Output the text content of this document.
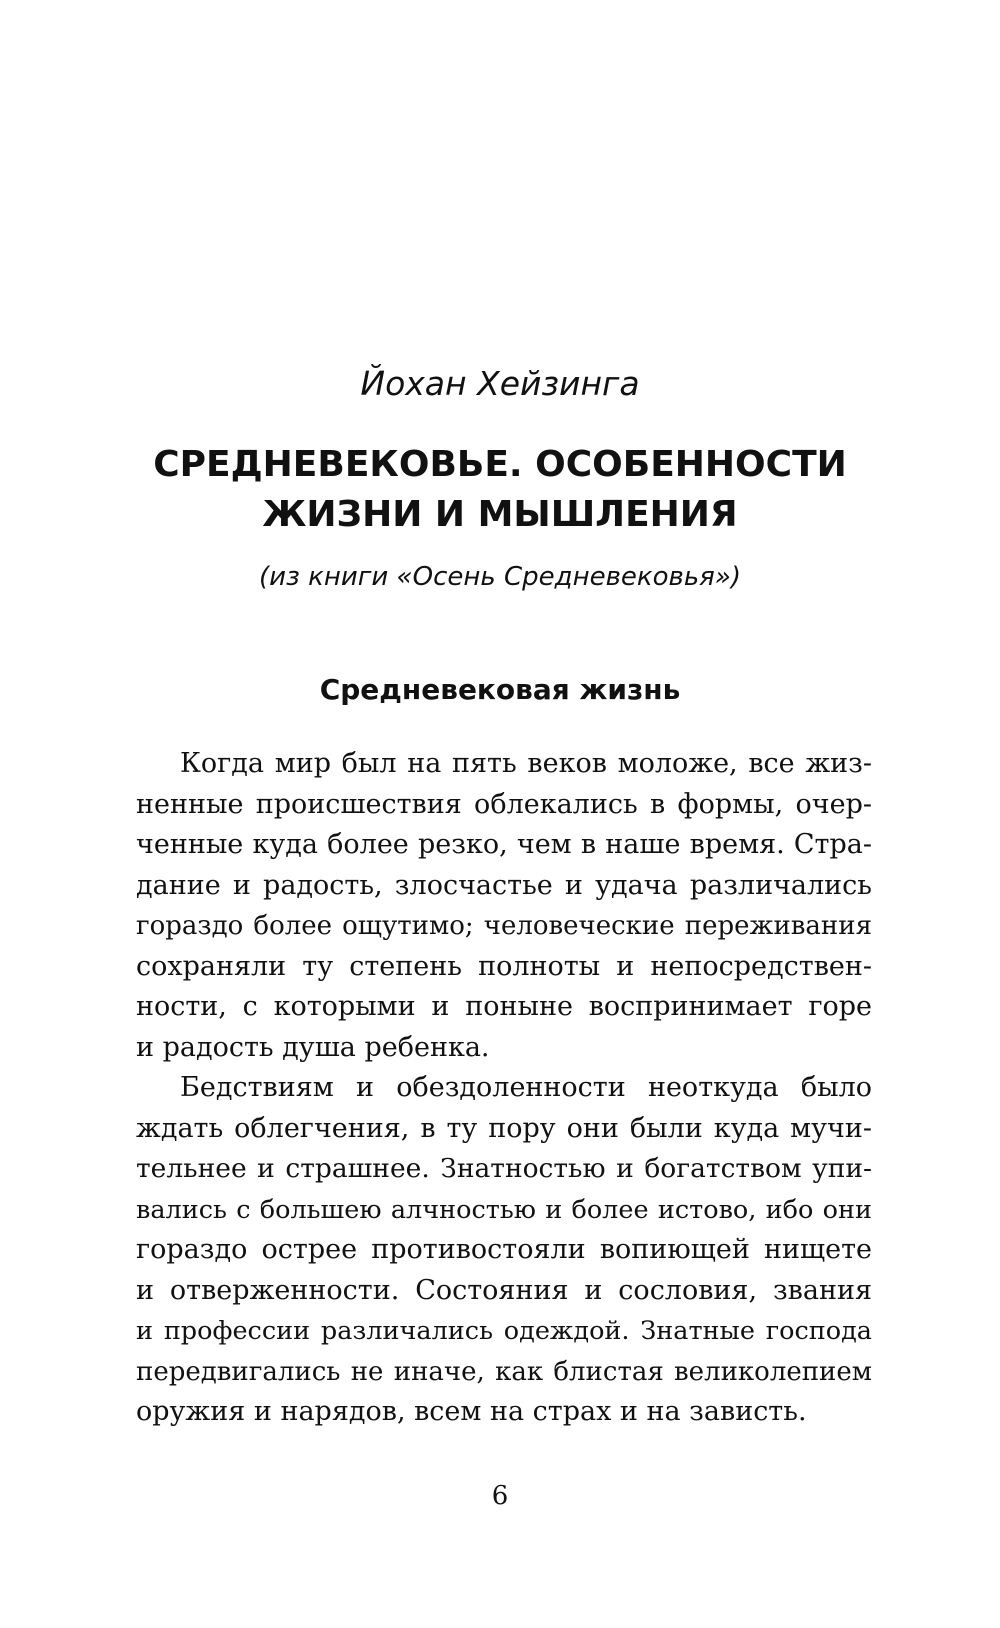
Йохан Хейзинга
СРЕДНЕВЕКОВЬЕ. ОСОБЕННОСТИ
ЖИЗНИ И МЫШЛЕНИЯ
(из книги «Осень Средневековья»)
Средневековая жизнь
Когда мир был на пять веков моложе, все жиз-
ненные происшествия облекались в формы, очер-
ченные куда более резко, чем в наше время. Стра-
дание и радость, злосчастье и удача различались
гораздо более ощутимо; человеческие переживания
сохраняли ту степень полноты и непосредствен-
ности, с которыми и поныне воспринимает горе
и радость душа ребенка.
Бедствиям и обездоленности неоткуда было
ждать облегчения, в ту пору они были куда мучи-
тельнее и страшнее. Знатностью и богатством упи-
вались с большею алчностью и более истово, ибо они
гораздо острее противостояли вопиющей нищете
и отверженности. Состояния и сословия, звания
и профессии различались одеждой. Знатные господа
передвигались не иначе, как блистая великолепием
оружия и нарядов, всем на страх и на зависть.
6
